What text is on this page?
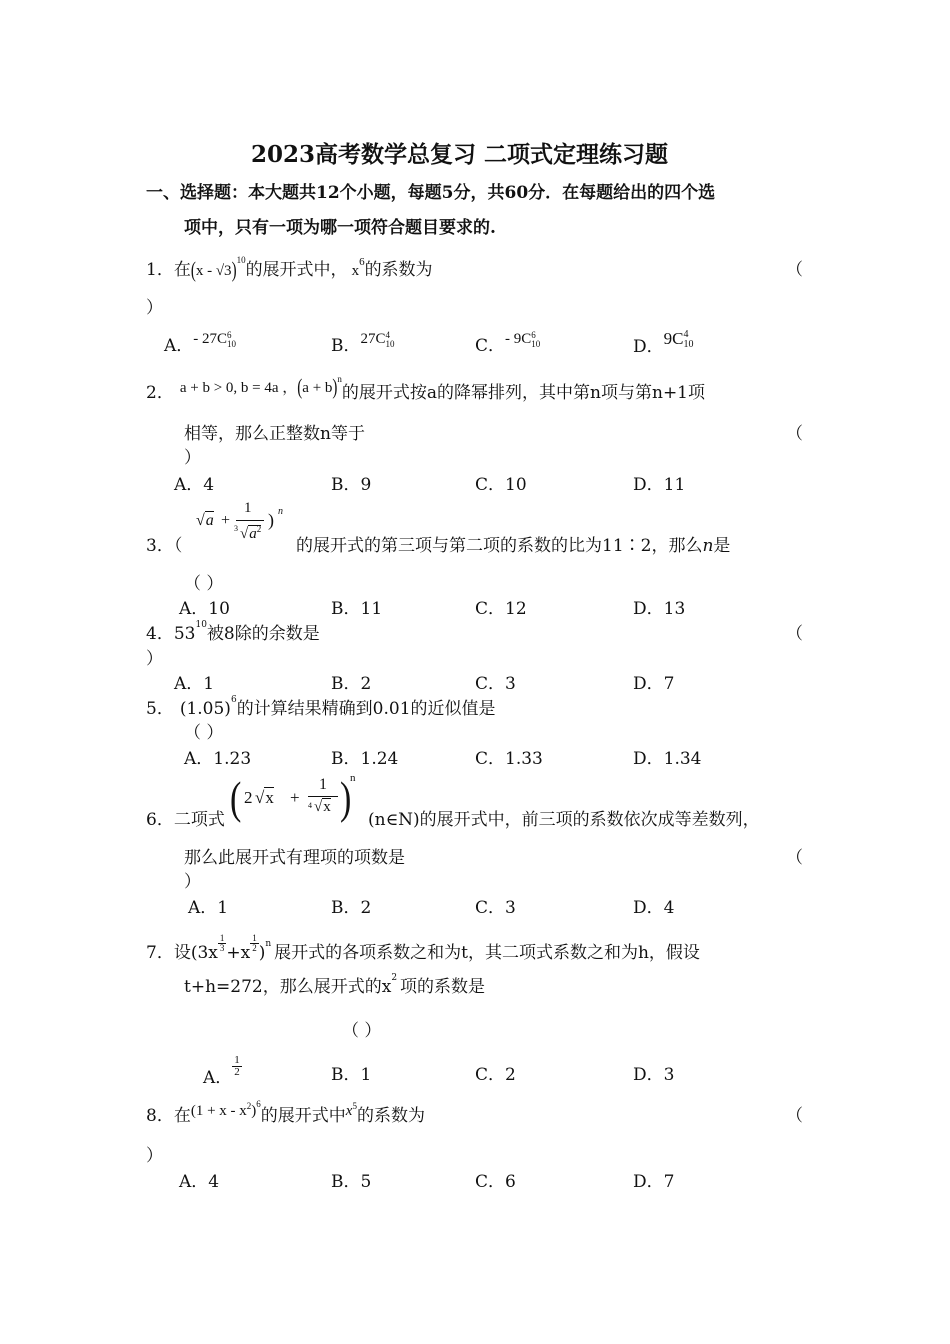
2023高考数学总复习 二项式定理练习题
一、选择题：本大题共12个小题，每题5分，共60分．在每题给出的四个选
项中，只有一项为哪一项符合题目要求的.
1．在(x - √3)$^{10}$的展开式中， $x^6$的系数为	（
）
A．- 27C 6
10	B．27C 4
10	C．- 9C 6
10	D．9C 4
10
2． a + b > 0, b = 4a ，$(a + b)^n$的展开式按a的降幂排列，其中第n项与第n+1项
相等，那么正整数n等于	（
）
A．4	B．9	C．10	D．11
3．（
√a +
1
3 $√a^2$ ) n
的展开式的第三项与第二项的系数的比为11∶2，那么n是
（ ）
A．10	B．11	C．12	D．13
4．$53^{10}$被8除的余数是	（
）
A．1	B．2	C．3	D．7
5． $(1.05)^6$的计算结果精确到0.01的近似值是
（ ）
A．1.23	B．1.24	C．1.33	D．1.34
6．二项式 ( 2 √x +
1
4 √x )
n
(n∈N)的展开式中，前三项的系数依次成等差数列，
那么此展开式有理项的项数是	（
）
A．1	B．2	C．3	D．4
7．设$(3x \frac{1}{3} +x \frac{1}{2} )^n$ 展开式的各项系数之和为t，其二项式系数之和为h，假设
t+h=272，那么展开式的$x^2$ 项的系数是
（ ）
A． $\frac{1}{2}$	B．1	C．2	D．3
8．在$(1 + x - x^2)^6$的展开式中$x^5$的系数为	（
）
A．4	B．5	C．6	D．7
